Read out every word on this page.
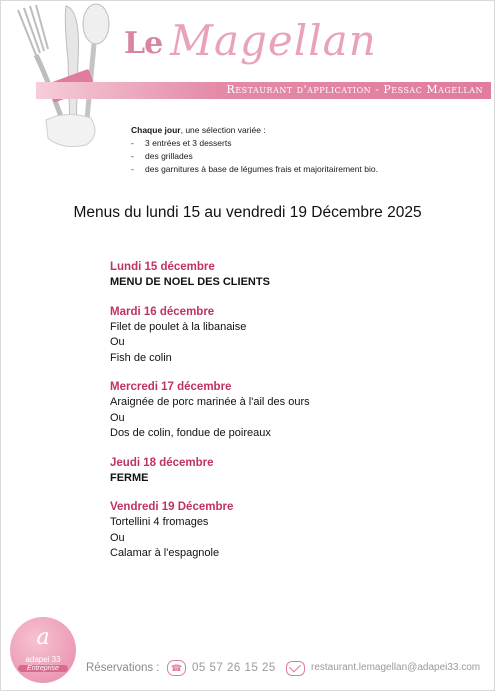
Le Magellan
Restaurant d'application - Pessac Magellan
Chaque jour, une sélection variée :
- 3 entrées et 3 desserts
- des grillades
- des garnitures à base de légumes frais et majoritairement bio.
Menus du lundi 15 au vendredi 19 Décembre 2025
Lundi 15 décembre
MENU DE NOEL DES CLIENTS
Mardi 16 décembre
Filet de poulet à la libanaise
Ou
Fish de colin
Mercredi 17 décembre
Araignée de porc marinée à l'ail des ours
Ou
Dos de colin, fondue de poireaux
Jeudi 18 décembre
FERME
Vendredi 19 Décembre
Tortellini 4 fromages
Ou
Calamar à l'espagnole
a
adapei 33
Entreprise	Réservations :	☎ 05 57 26 15 25	restaurant.lemagellan@adapei33.com
